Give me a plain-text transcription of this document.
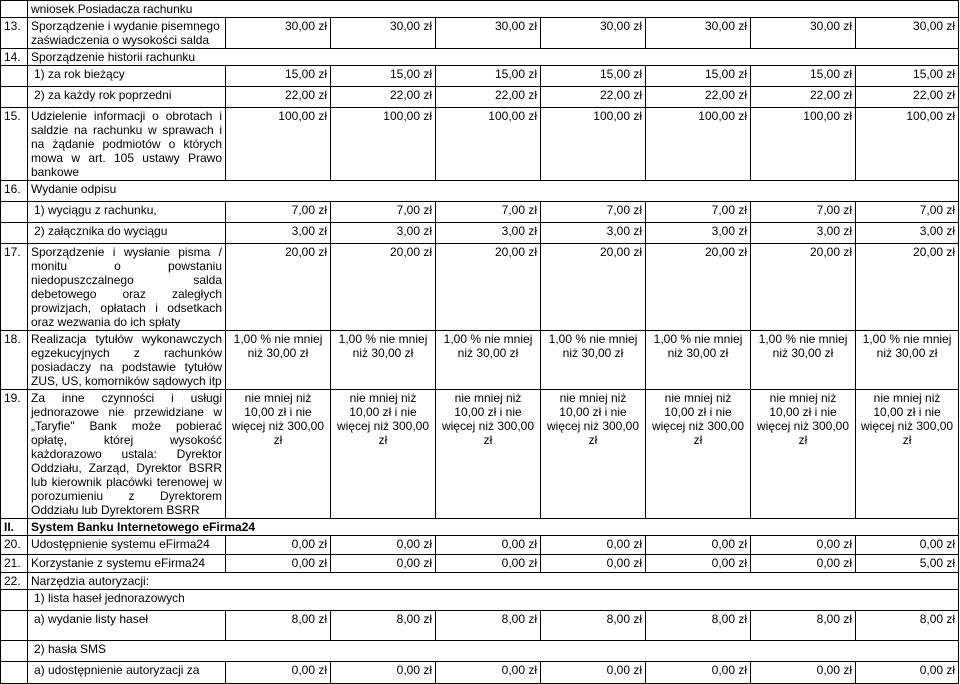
	wniosek Posiadacza rachunku							
13.	Sporządzenie i wydanie pisemnego zaświadczenia o wysokości salda	30,00 zł	30,00 zł	30,00 zł	30,00 zł	30,00 zł	30,00 zł	30,00 zł
14.	Sporządzenie historii rachunku							
	1) za rok bieżący	15,00 zł	15,00 zł	15,00 zł	15,00 zł	15,00 zł	15,00 zł	15,00 zł
	2) za każdy rok poprzedni	22,00 zł	22,00 zł	22,00 zł	22,00 zł	22,00 zł	22,00 zł	22,00 zł
15.	Udzielenie informacji o obrotach i saldzie na rachunku w sprawach i na żądanie podmiotów o których mowa w art. 105 ustawy Prawo bankowe	100,00 zł	100,00 zł	100,00 zł	100,00 zł	100,00 zł	100,00 zł	100,00 zł
16.	Wydanie odpisu							
	1) wyciągu z rachunku,	7,00 zł	7,00 zł	7,00 zł	7,00 zł	7,00 zł	7,00 zł	7,00 zł
	2) załącznika do wyciągu	3,00 zł	3,00 zł	3,00 zł	3,00 zł	3,00 zł	3,00 zł	3,00 zł
17.	Sporządzenie i wysłanie pisma / monitu o powstaniu niedopuszczalnego salda debetowego oraz zaległych prowizjach, opłatach i odsetkach oraz wezwania do ich spłaty	20,00 zł	20,00 zł	20,00 zł	20,00 zł	20,00 zł	20,00 zł	20,00 zł
18.	Realizacja tytułów wykonawczych egzekucyjnych z rachunków posiadaczy na podstawie tytułów ZUS, US, komorników sądowych itp	1,00 % nie mniej niż 30,00 zł	1,00 % nie mniej niż 30,00 zł	1,00 % nie mniej niż 30,00 zł	1,00 % nie mniej niż 30,00 zł	1,00 % nie mniej niż 30,00 zł	1,00 % nie mniej niż 30,00 zł	1,00 % nie mniej niż 30,00 zł
19.	Za inne czynności i usługi jednorazowe nie przewidziane w „Taryfie" Bank może pobierać opłatę, której wysokość każdorazowo ustala: Dyrektor Oddziału, Zarząd, Dyrektor BSRR lub kierownik placówki terenowej w porozumieniu z Dyrektorem Oddziału lub Dyrektorem BSRR	nie mniej niż 10,00 zł i nie więcej niż 300,00 zł	nie mniej niż 10,00 zł i nie więcej niż 300,00 zł	nie mniej niż 10,00 zł i nie więcej niż 300,00 zł	nie mniej niż 10,00 zł i nie więcej niż 300,00 zł	nie mniej niż 10,00 zł i nie więcej niż 300,00 zł	nie mniej niż 10,00 zł i nie więcej niż 300,00 zł	nie mniej niż 10,00 zł i nie więcej niż 300,00 zł
II.	System Banku Internetowego eFirma24							
20.	Udostępnienie systemu eFirma24	0,00 zł	0,00 zł	0,00 zł	0,00 zł	0,00 zł	0,00 zł	0,00 zł
21.	Korzystanie z systemu eFirma24	0,00 zł	0,00 zł	0,00 zł	0,00 zł	0,00 zł	0,00 zł	5,00 zł
22.	Narzędzia autoryzacji:							
	1) lista haseł jednorazowych							
	a) wydanie listy haseł	8,00 zł	8,00 zł	8,00 zł	8,00 zł	8,00 zł	8,00 zł	8,00 zł
	2) hasła SMS							
	a) udostępnienie autoryzacji za	0,00 zł	0,00 zł	0,00 zł	0,00 zł	0,00 zł	0,00 zł	0,00 zł
